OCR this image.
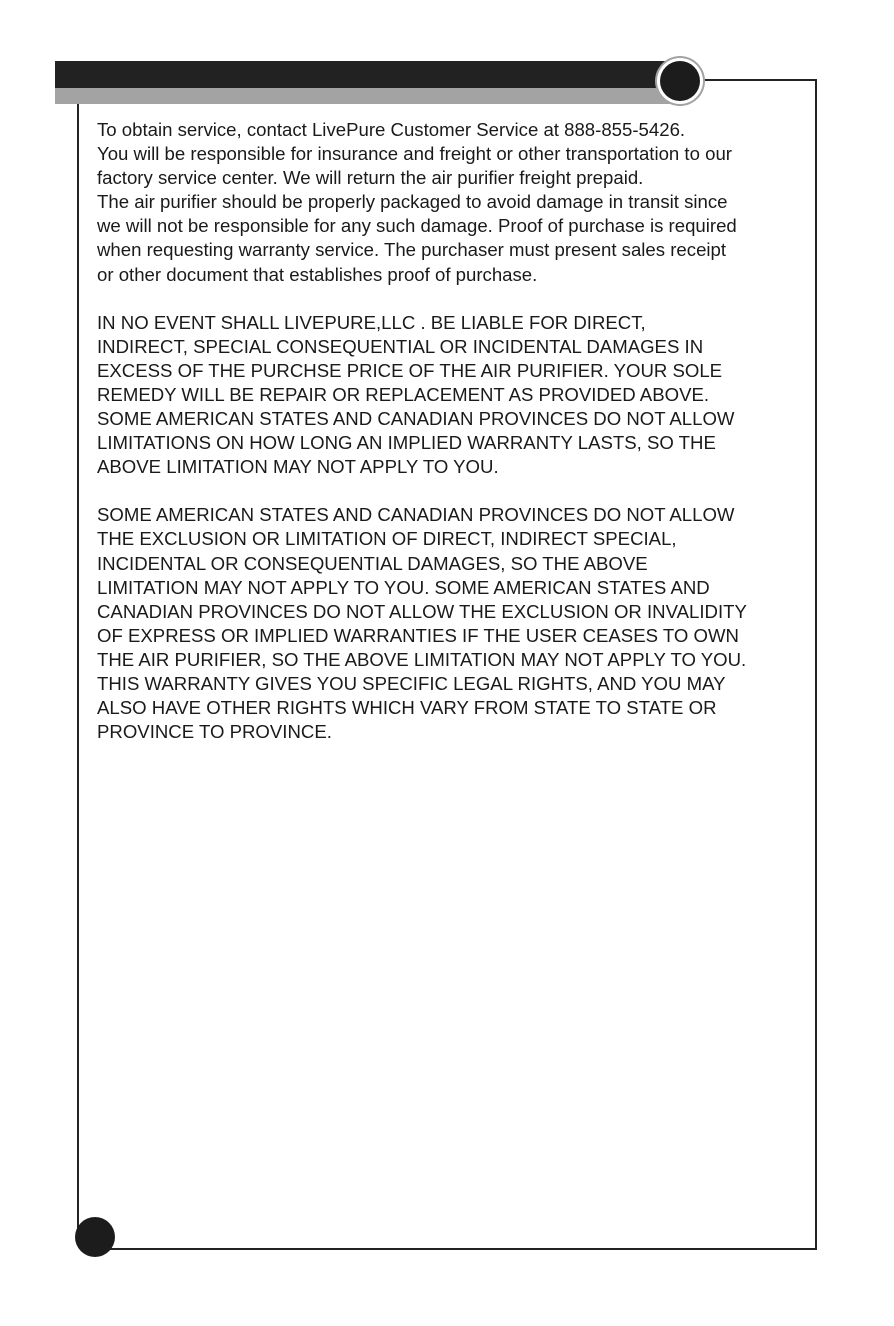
To obtain service, contact LivePure Customer Service at 888-855-5426.
You will be responsible for insurance and freight or other transportation to our
factory service center. We will return the air purifier freight prepaid.
The air purifier should be properly packaged to avoid damage in transit since
we will not be responsible for any such damage. Proof of purchase is required
when requesting warranty service. The purchaser must present sales receipt
or other document that establishes proof of purchase.

IN NO EVENT SHALL LIVEPURE,LLC . BE LIABLE FOR DIRECT,
INDIRECT, SPECIAL CONSEQUENTIAL OR INCIDENTAL DAMAGES IN
EXCESS OF THE PURCHSE PRICE OF THE AIR PURIFIER. YOUR SOLE
REMEDY WILL BE REPAIR OR REPLACEMENT AS PROVIDED ABOVE.
SOME AMERICAN STATES AND CANADIAN PROVINCES DO NOT ALLOW
LIMITATIONS ON HOW LONG AN IMPLIED WARRANTY LASTS, SO THE
ABOVE LIMITATION MAY NOT APPLY TO YOU.

SOME AMERICAN STATES AND CANADIAN PROVINCES DO NOT ALLOW
THE EXCLUSION OR LIMITATION OF DIRECT, INDIRECT SPECIAL,
INCIDENTAL OR CONSEQUENTIAL DAMAGES, SO THE ABOVE
LIMITATION MAY NOT APPLY TO YOU. SOME AMERICAN STATES AND
CANADIAN PROVINCES DO NOT ALLOW THE EXCLUSION OR INVALIDITY
OF EXPRESS OR IMPLIED WARRANTIES IF THE USER CEASES TO OWN
THE AIR PURIFIER, SO THE ABOVE LIMITATION MAY NOT APPLY TO YOU.
THIS WARRANTY GIVES YOU SPECIFIC LEGAL RIGHTS, AND YOU MAY
ALSO HAVE OTHER RIGHTS WHICH VARY FROM STATE TO STATE OR
PROVINCE TO PROVINCE.
